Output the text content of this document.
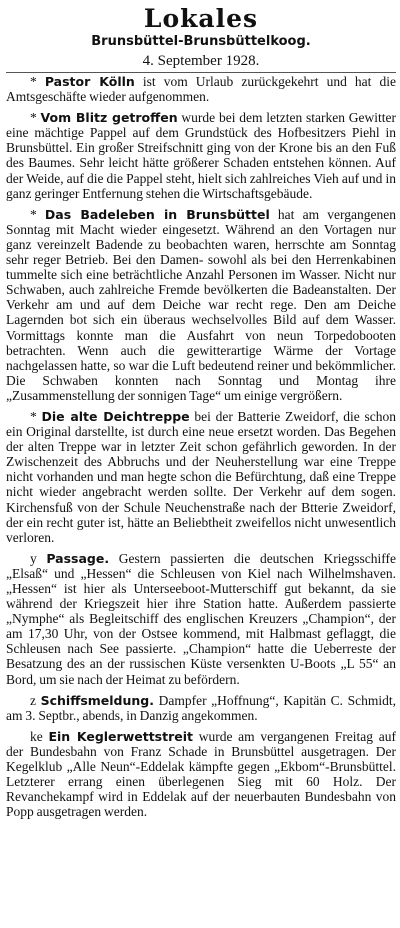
Lokales
Brunsbüttel-Brunsbüttelkoog.
4. September 1928.

* Pastor Kölln ist vom Urlaub zurückgekehrt und hat die Amtsgeschäfte wieder aufgenommen.

* Vom Blitz getroffen wurde bei dem letzten starken Gewitter eine mächtige Pappel auf dem Grundstück des Hofbesitzers Piehl in Brunsbüttel. Ein großer Streifschnitt ging von der Krone bis an den Fuß des Baumes. Sehr leicht hätte größerer Schaden entstehen können. Auf der Weide, auf die die Pappel steht, hielt sich zahlreiches Vieh auf und in ganz geringer Entfernung stehen die Wirtschaftsgebäude.

* Das Badeleben in Brunsbüttel hat am vergangenen Sonntag mit Macht wieder eingesetzt. Während an den Vortagen nur ganz vereinzelt Badende zu beobachten waren, herrschte am Sonntag sehr reger Betrieb. Bei den Damen- sowohl als bei den Herrenkabinen tummelte sich eine beträchtliche Anzahl Personen im Wasser. Nicht nur Schwaben, auch zahlreiche Fremde bevölkerten die Badeanstalten. Der Verkehr am und auf dem Deiche war recht rege. Den am Deiche Lagernden bot sich ein überaus wechselvolles Bild auf dem Wasser. Vormittags konnte man die Ausfahrt von neun Torpedobooten betrachten. Wenn auch die gewitterartige Wärme der Vortage nachgelassen hatte, so war die Luft bedeutend reiner und bekömmlicher. Die Schwaben konnten nach Sonntag und Montag ihre „Zusammenstellung der sonnigen Tage“ um einige vergrößern.

* Die alte Deichtreppe bei der Batterie Zweidorf, die schon ein Original darstellte, ist durch eine neue ersetzt worden. Das Begehen der alten Treppe war in letzter Zeit schon gefährlich geworden. In der Zwischenzeit des Abbruchs und der Neuherstellung war eine Treppe nicht vorhanden und man hegte schon die Befürchtung, daß eine Treppe nicht wieder angebracht werden sollte. Der Verkehr auf dem sogen. Kirchensfuß von der Schule Neuchenstraße nach der Btterie Zweidorf, der ein recht guter ist, hätte an Beliebtheit zweifellos nicht unwesentlich verloren.

y Passage. Gestern passierten die deutschen Kriegsschiffe „Elsaß“ und „Hessen“ die Schleusen von Kiel nach Wilhelmshaven. „Hessen“ ist hier als Unterseeboot-Mutterschiff gut bekannt, da sie während der Kriegszeit hier ihre Station hatte. Außerdem passierte „Nymphe“ als Begleitschiff des englischen Kreuzers „Champion“, der am 17,30 Uhr, von der Ostsee kommend, mit Halbmast geflaggt, die Schleusen nach See passierte. „Champion“ hatte die Ueberreste der Besatzung des an der russischen Küste versenkten U-Boots „L 55“ an Bord, um sie nach der Heimat zu befördern.

z Schiffsmeldung. Dampfer „Hoffnung“, Kapitän C. Schmidt, am 3. Septbr., abends, in Danzig angekommen.

ke Ein Keglerwettstreit wurde am vergangenen Freitag auf der Bundesbahn von Franz Schade in Brunsbüttel ausgetragen. Der Kegelklub „Alle Neun“-Eddelak kämpfte gegen „Ekbom“-Brunsbüttel. Letzterer errang einen überlegenen Sieg mit 60 Holz. Der Revanchekampf wird in Eddelak auf der neuerbauten Bundesbahn von Popp ausgetragen werden.
